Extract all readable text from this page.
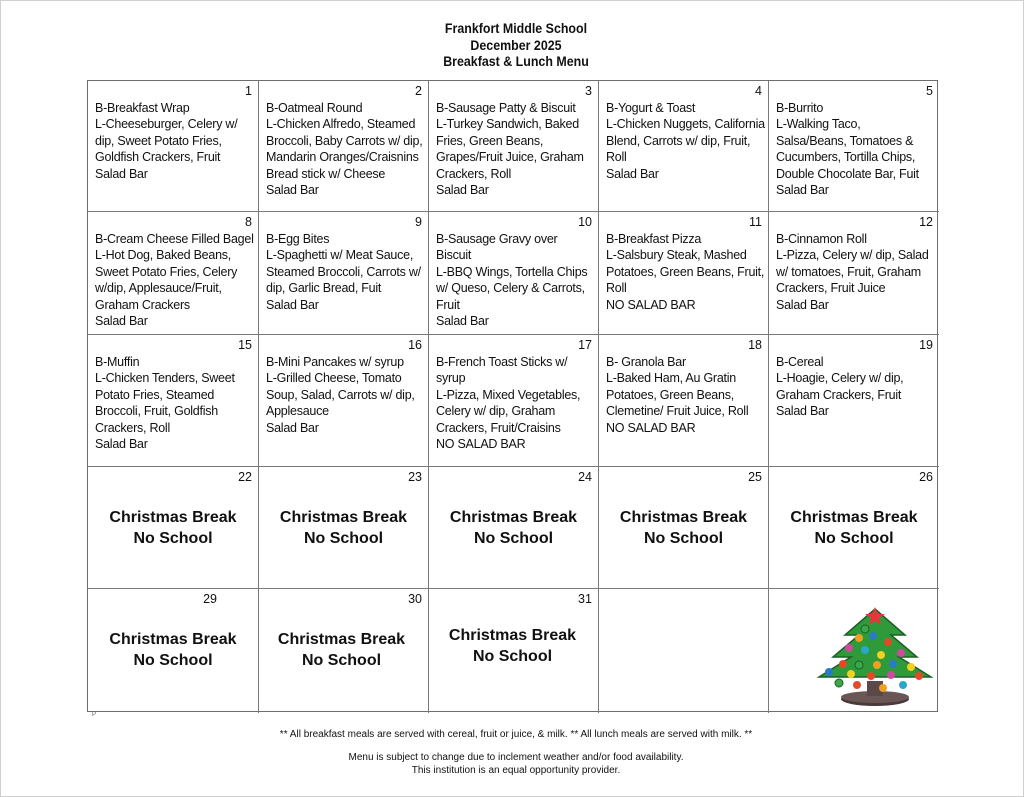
Frankfort Middle School
December 2025
Breakfast & Lunch Menu
1
B-Breakfast Wrap
L-Cheeseburger, Celery w/
dip, Sweet Potato Fries,
Goldfish Crackers, Fruit
Salad Bar
2
B-Oatmeal Round
L-Chicken Alfredo, Steamed
Broccoli, Baby Carrots w/ dip,
Mandarin Oranges/Craisnins
Bread stick w/ Cheese
Salad Bar
3
B-Sausage Patty & Biscuit
L-Turkey Sandwich, Baked
Fries, Green Beans,
Grapes/Fruit Juice, Graham
Crackers, Roll
Salad Bar
4
B-Yogurt & Toast
L-Chicken Nuggets, California
Blend, Carrots w/ dip, Fruit,
Roll
Salad Bar
5
B-Burrito
L-Walking Taco,
Salsa/Beans, Tomatoes &
Cucumbers, Tortilla Chips,
Double Chocolate Bar, Fuit
Salad Bar
8
B-Cream Cheese Filled Bagel
L-Hot Dog, Baked Beans,
Sweet Potato Fries, Celery
w/dip, Applesauce/Fruit,
Graham Crackers
Salad Bar
9
B-Egg Bites
L-Spaghetti w/ Meat Sauce,
Steamed Broccoli, Carrots w/
dip, Garlic Bread, Fuit
Salad Bar
10
B-Sausage Gravy over
Biscuit
L-BBQ Wings, Tortella Chips
w/ Queso, Celery & Carrots,
Fruit
Salad Bar
11
B-Breakfast Pizza
L-Salsbury Steak, Mashed
Potatoes, Green Beans, Fruit,
Roll
NO SALAD BAR
12
B-Cinnamon Roll
L-Pizza, Celery w/ dip, Salad
w/ tomatoes, Fruit, Graham
Crackers, Fruit Juice
Salad Bar
15
B-Muffin
L-Chicken Tenders, Sweet
Potato Fries, Steamed
Broccoli, Fruit, Goldfish
Crackers, Roll
Salad Bar
16
B-Mini Pancakes w/ syrup
L-Grilled Cheese, Tomato
Soup, Salad, Carrots w/ dip,
Applesauce
Salad Bar
17
B-French Toast Sticks w/
syrup
L-Pizza, Mixed Vegetables,
Celery w/ dip, Graham
Crackers, Fruit/Craisins
NO SALAD BAR
18
B- Granola Bar
L-Baked Ham, Au Gratin
Potatoes, Green Beans,
Clemetine/ Fruit Juice, Roll
NO SALAD BAR
19
B-Cereal
L-Hoagie, Celery w/ dip,
Graham Crackers, Fruit
Salad Bar
22
Christmas Break
No School
23
Christmas Break
No School
24
Christmas Break
No School
25
Christmas Break
No School
26
Christmas Break
No School
29
Christmas Break
No School
30
Christmas Break
No School
31
Christmas Break
No School
P
** All breakfast meals are served with cereal, fruit or juice, & milk. ** All lunch meals are served with milk. **
Menu is subject to change due to inclement weather and/or food availability.
This institution is an equal opportunity provider.
